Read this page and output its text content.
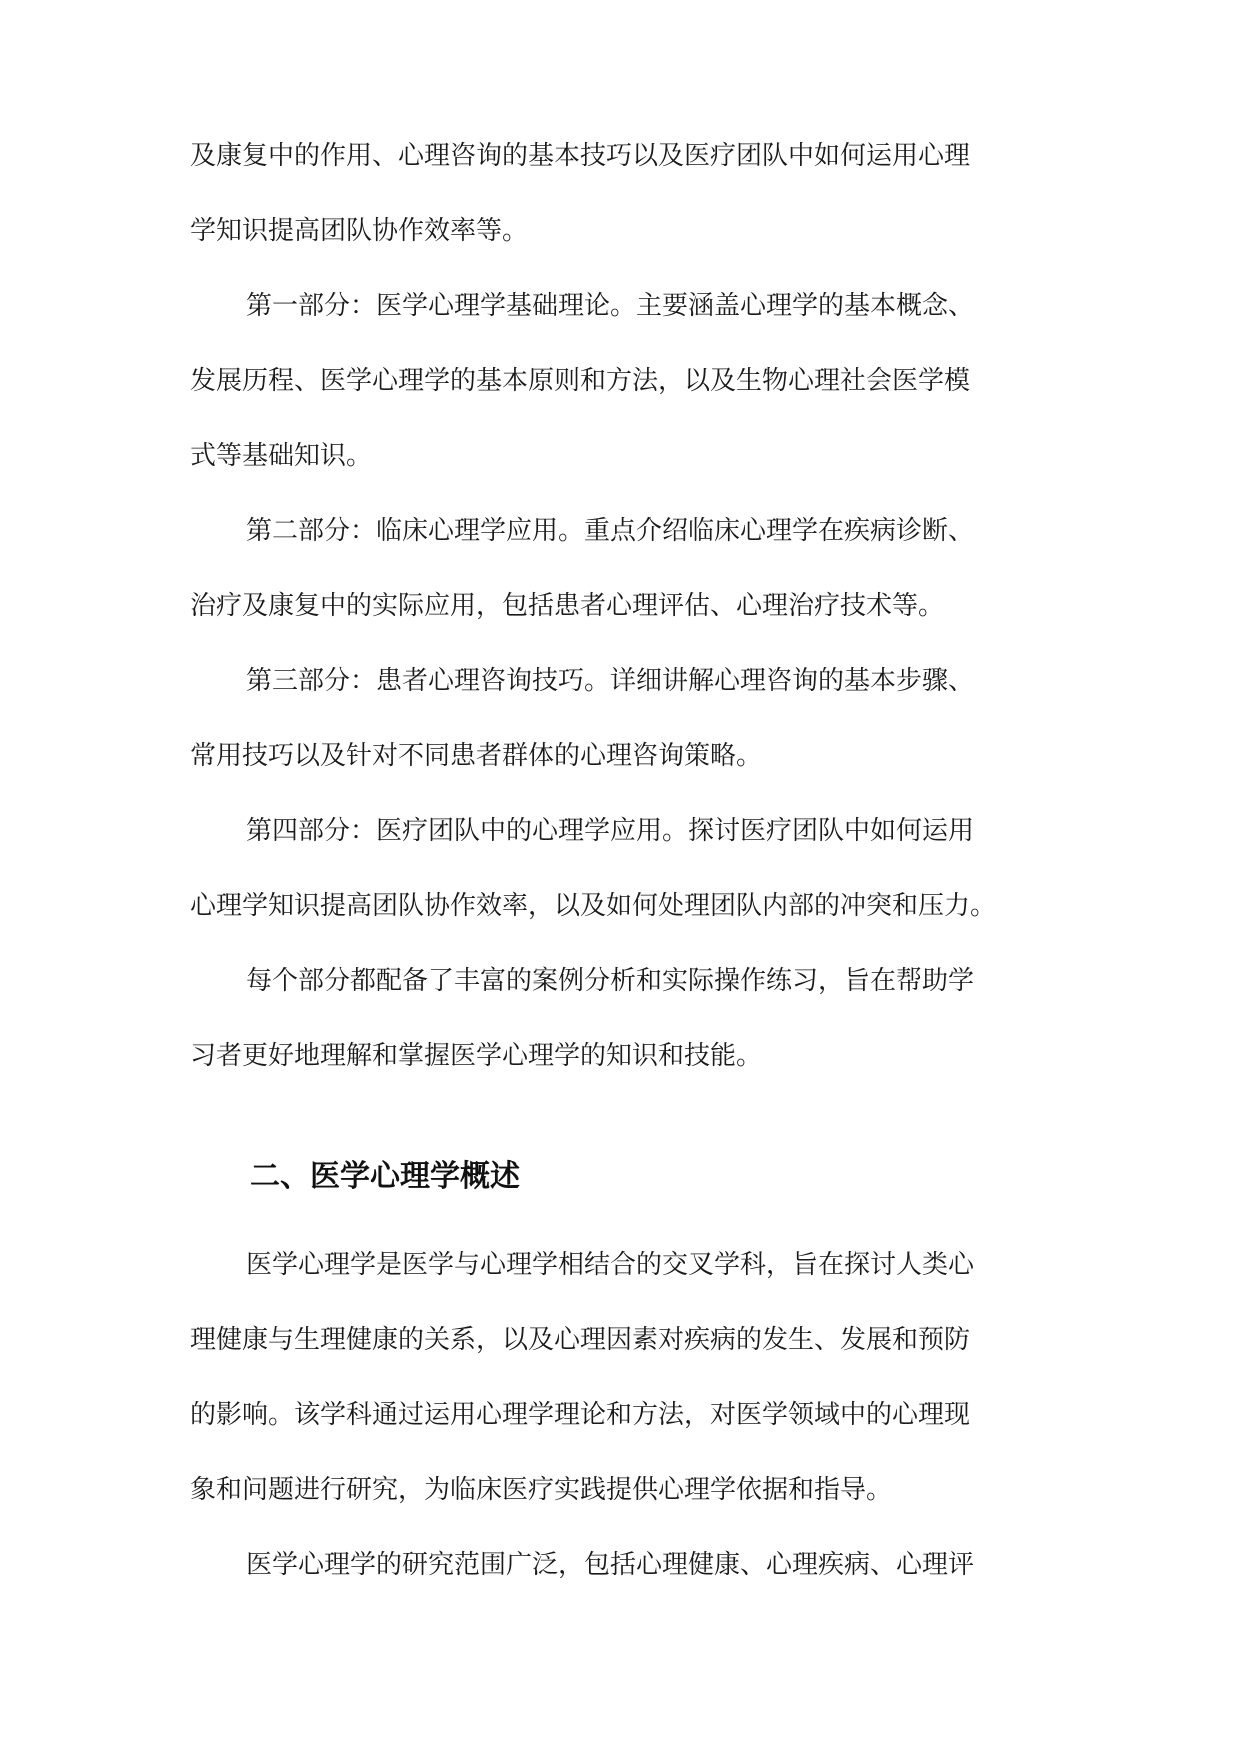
及康复中的作用、心理咨询的基本技巧以及医疗团队中如何运用心理

学知识提高团队协作效率等。

第一部分：医学心理学基础理论。主要涵盖心理学的基本概念、

发展历程、医学心理学的基本原则和方法，以及生物心理社会医学模

式等基础知识。

第二部分：临床心理学应用。重点介绍临床心理学在疾病诊断、

治疗及康复中的实际应用，包括患者心理评估、心理治疗技术等。

第三部分：患者心理咨询技巧。详细讲解心理咨询的基本步骤、

常用技巧以及针对不同患者群体的心理咨询策略。

第四部分：医疗团队中的心理学应用。探讨医疗团队中如何运用

心理学知识提高团队协作效率，以及如何处理团队内部的冲突和压力。

每个部分都配备了丰富的案例分析和实际操作练习，旨在帮助学

习者更好地理解和掌握医学心理学的知识和技能。

二、医学心理学概述

医学心理学是医学与心理学相结合的交叉学科，旨在探讨人类心

理健康与生理健康的关系，以及心理因素对疾病的发生、发展和预防

的影响。该学科通过运用心理学理论和方法，对医学领域中的心理现

象和问题进行研究，为临床医疗实践提供心理学依据和指导。

医学心理学的研究范围广泛，包括心理健康、心理疾病、心理评
